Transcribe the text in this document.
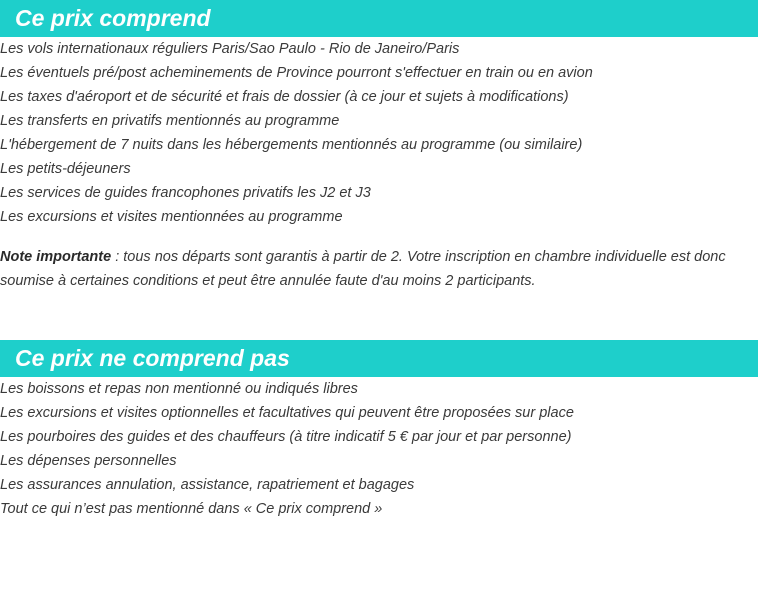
Ce prix comprend
Les vols internationaux réguliers Paris/Sao Paulo - Rio de Janeiro/Paris
Les éventuels pré/post acheminements de Province pourront s'effectuer en train ou en avion
Les taxes d'aéroport et de sécurité et frais de dossier (à ce jour et sujets à modifications)
Les transferts en privatifs mentionnés au programme
L'hébergement de 7 nuits dans les hébergements mentionnés au programme (ou similaire)
Les petits-déjeuners
Les services de guides francophones privatifs les J2 et J3
Les excursions et visites mentionnées au programme
Note importante : tous nos départs sont garantis à partir de 2. Votre inscription en chambre individuelle est donc soumise à certaines conditions et peut être annulée faute d'au moins 2 participants.
Ce prix ne comprend pas
Les boissons et repas non mentionné ou indiqués libres
Les excursions et visites optionnelles et facultatives qui peuvent être proposées sur place
Les pourboires des guides et des chauffeurs (à titre indicatif 5 € par jour et par personne)
Les dépenses personnelles
Les assurances annulation, assistance, rapatriement et bagages
Tout ce qui n’est pas mentionné dans « Ce prix comprend »
